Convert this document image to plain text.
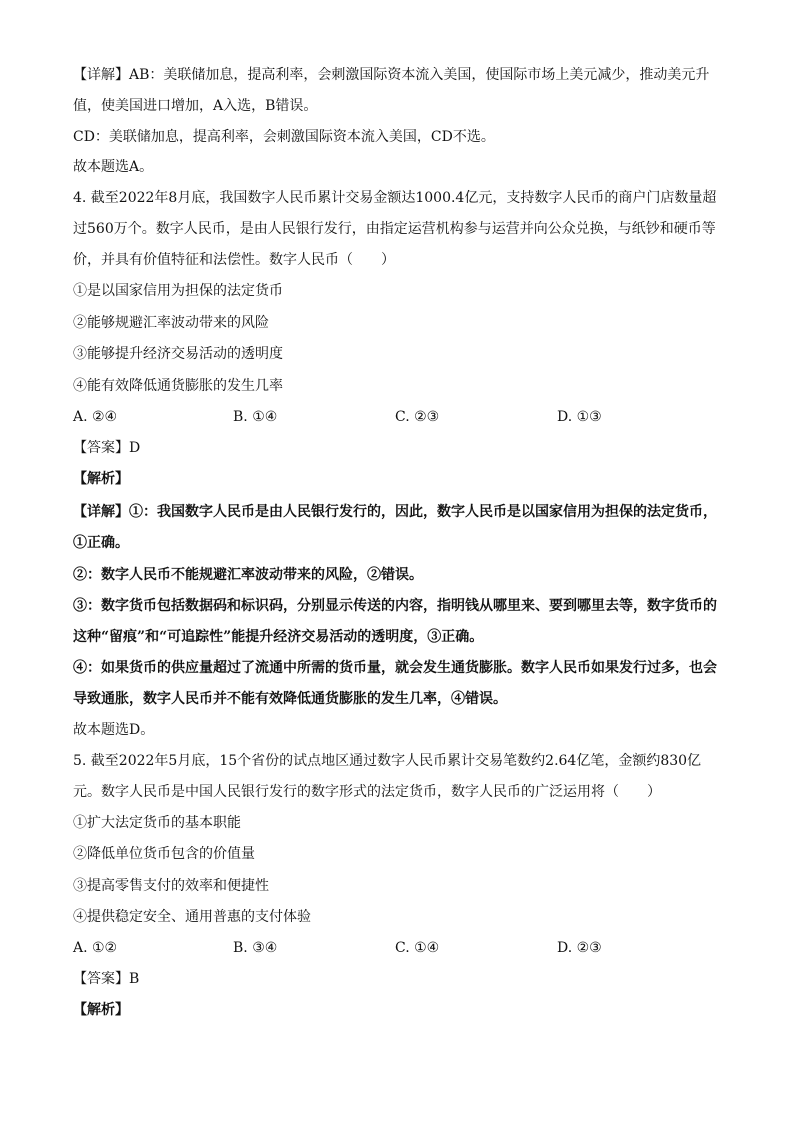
【详解】AB：美联储加息，提高利率，会刺激国际资本流入美国，使国际市场上美元减少，推动美元升
值，使美国进口增加，A入选，B错误。
CD：美联储加息，提高利率，会刺激国际资本流入美国，CD不选。
故本题选A。
4. 截至2022年8月底，我国数字人民币累计交易金额达1000.4亿元，支持数字人民币的商户门店数量超
过560万个。数字人民币，是由人民银行发行，由指定运营机构参与运营并向公众兑换，与纸钞和硬币等
价，并具有价值特征和法偿性。数字人民币（　　）
①是以国家信用为担保的法定货币
②能够规避汇率波动带来的风险
③能够提升经济交易活动的透明度
④能有效降低通货膨胀的发生几率
A. ②④	B. ①④	C. ②③	D. ①③
【答案】D
【解析】
【详解】①：我国数字人民币是由人民银行发行的，因此，数字人民币是以国家信用为担保的法定货币，
①正确。
②：数字人民币不能规避汇率波动带来的风险，②错误。
③：数字货币包括数据码和标识码，分别显示传送的内容，指明钱从哪里来、要到哪里去等，数字货币的
这种“留痕”和“可追踪性”能提升经济交易活动的透明度，③正确。
④：如果货币的供应量超过了流通中所需的货币量，就会发生通货膨胀。数字人民币如果发行过多，也会
导致通胀，数字人民币并不能有效降低通货膨胀的发生几率，④错误。
故本题选D。
5. 截至2022年5月底，15个省份的试点地区通过数字人民币累计交易笔数约2.64亿笔，金额约830亿
元。数字人民币是中国人民银行发行的数字形式的法定货币，数字人民币的广泛运用将（　　）
①扩大法定货币的基本职能
②降低单位货币包含的价值量
③提高零售支付的效率和便捷性
④提供稳定安全、通用普惠的支付体验
A. ①②	B. ③④	C. ①④	D. ②③
【答案】B
【解析】
